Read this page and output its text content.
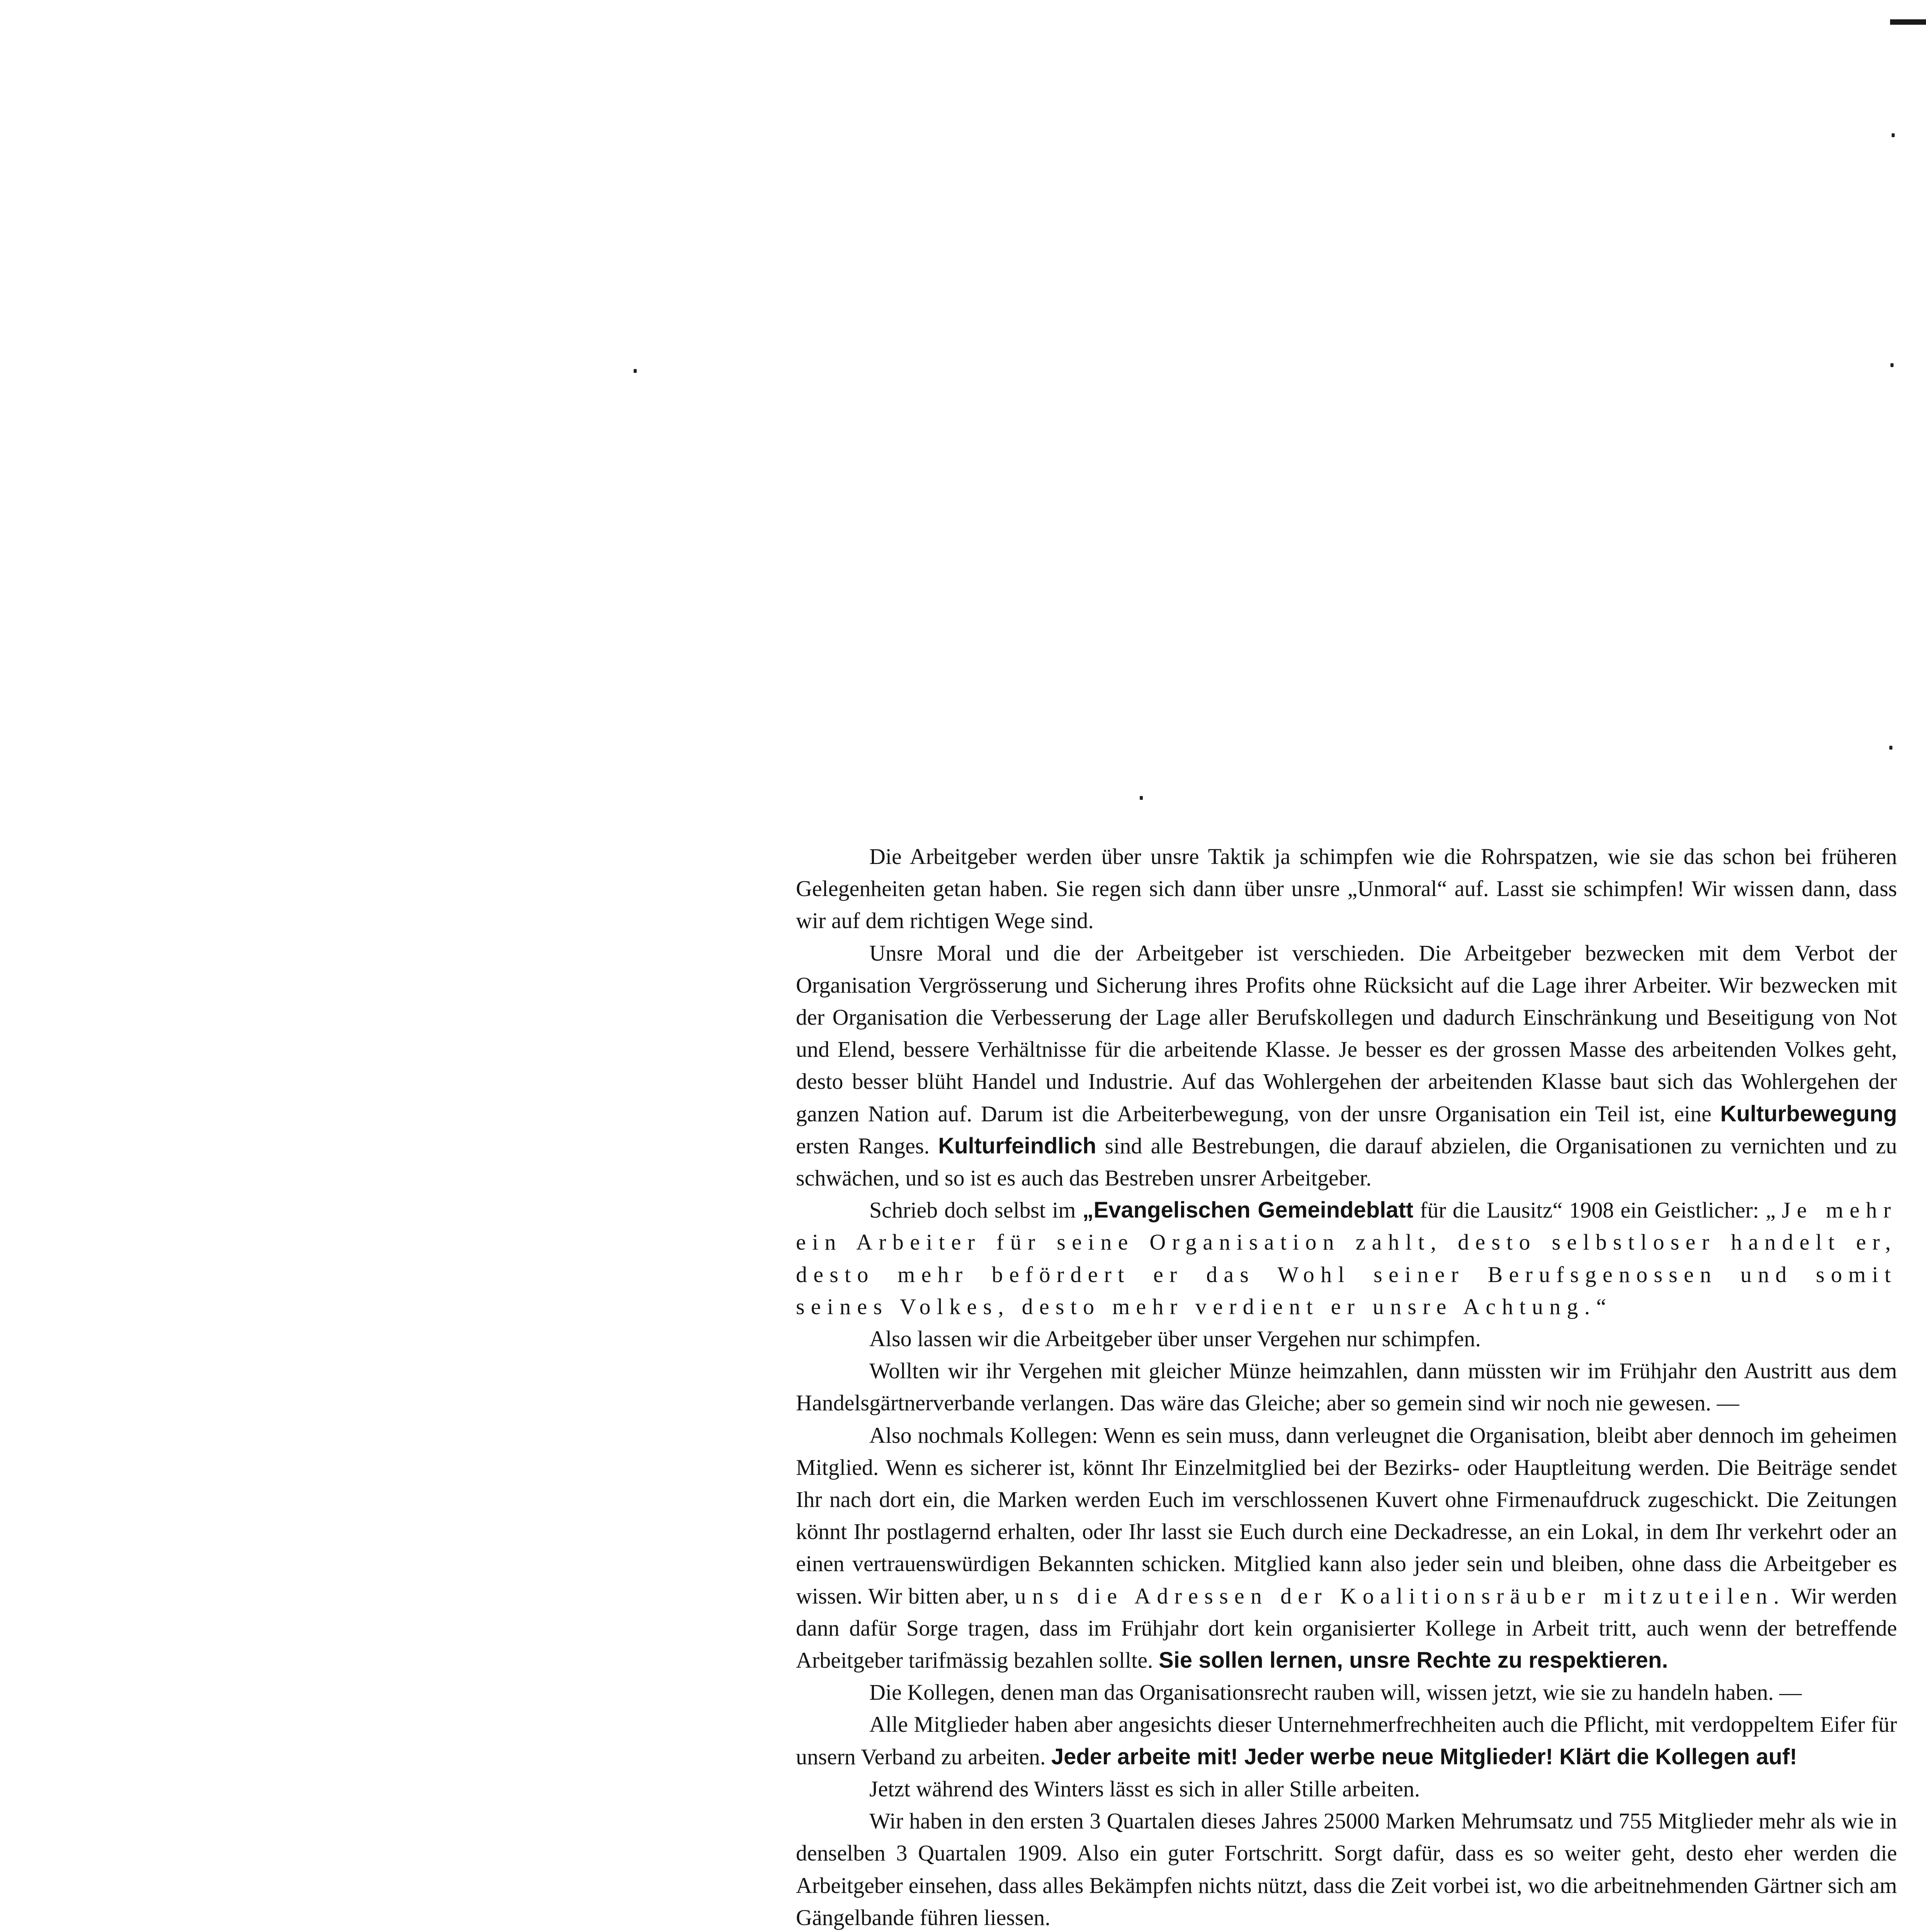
Die Arbeitgeber werden über unsre Taktik ja schimpfen wie die Rohrspatzen, wie sie das schon bei früheren Gelegenheiten getan haben. Sie regen sich dann über unsre „Unmoral“ auf. Lasst sie schimpfen! Wir wissen dann, dass wir auf dem richtigen Wege sind.

Unsre Moral und die der Arbeitgeber ist verschieden. Die Arbeitgeber bezwecken mit dem Verbot der Organisation Vergrösserung und Sicherung ihres Profits ohne Rücksicht auf die Lage ihrer Arbeiter. Wir bezwecken mit der Organisation die Verbesserung der Lage aller Berufskollegen und dadurch Einschränkung und Beseitigung von Not und Elend, bessere Verhältnisse für die arbeitende Klasse. Je besser es der grossen Masse des arbeitenden Volkes geht, desto besser blüht Handel und Industrie. Auf das Wohlergehen der arbeitenden Klasse baut sich das Wohlergehen der ganzen Nation auf. Darum ist die Arbeiterbewegung, von der unsre Organisation ein Teil ist, eine Kulturbewegung ersten Ranges. Kulturfeindlich sind alle Bestrebungen, die darauf abzielen, die Organisationen zu vernichten und zu schwächen, und so ist es auch das Bestreben unsrer Arbeitgeber.

Schrieb doch selbst im „Evangelischen Gemeindeblatt für die Lausitz“ 1908 ein Geistlicher: „Je mehr ein Arbeiter für seine Organisation zahlt, desto selbstloser handelt er, desto mehr befördert er das Wohl seiner Berufsgenossen und somit seines Volkes, desto mehr verdient er unsre Achtung.“

Also lassen wir die Arbeitgeber über unser Vergehen nur schimpfen.

Wollten wir ihr Vergehen mit gleicher Münze heimzahlen, dann müssten wir im Frühjahr den Austritt aus dem Handelsgärtnerverbande verlangen. Das wäre das Gleiche; aber so gemein sind wir noch nie gewesen. —

Also nochmals Kollegen: Wenn es sein muss, dann verleugnet die Organisation, bleibt aber dennoch im geheimen Mitglied. Wenn es sicherer ist, könnt Ihr Einzelmitglied bei der Bezirks- oder Hauptleitung werden. Die Beiträge sendet Ihr nach dort ein, die Marken werden Euch im verschlossenen Kuvert ohne Firmenaufdruck zugeschickt. Die Zeitungen könnt Ihr postlagernd erhalten, oder Ihr lasst sie Euch durch eine Deckadresse, an ein Lokal, in dem Ihr verkehrt oder an einen vertrauenswürdigen Bekannten schicken. Mitglied kann also jeder sein und bleiben, ohne dass die Arbeitgeber es wissen. Wir bitten aber, uns die Adressen der Koalitionsräuber mitzuteilen. Wir werden dann dafür Sorge tragen, dass im Frühjahr dort kein organisierter Kollege in Arbeit tritt, auch wenn der betreffende Arbeitgeber tarifmässig bezahlen sollte. Sie sollen lernen, unsre Rechte zu respektieren.

Die Kollegen, denen man das Organisationsrecht rauben will, wissen jetzt, wie sie zu handeln haben. —

Alle Mitglieder haben aber angesichts dieser Unternehmerfrechheiten auch die Pflicht, mit verdoppeltem Eifer für unsern Verband zu arbeiten. Jeder arbeite mit! Jeder werbe neue Mitglieder! Klärt die Kollegen auf!

Jetzt während des Winters lässt es sich in aller Stille arbeiten.

Wir haben in den ersten 3 Quartalen dieses Jahres 25000 Marken Mehrumsatz und 755 Mitglieder mehr als wie in denselben 3 Quartalen 1909. Also ein guter Fortschritt. Sorgt dafür, dass es so weiter geht, desto eher werden die Arbeitgeber einsehen, dass alles Bekämpfen nichts nützt, dass die Zeit vorbei ist, wo die arbeitnehmenden Gärtner sich am Gängelbande führen liessen.
